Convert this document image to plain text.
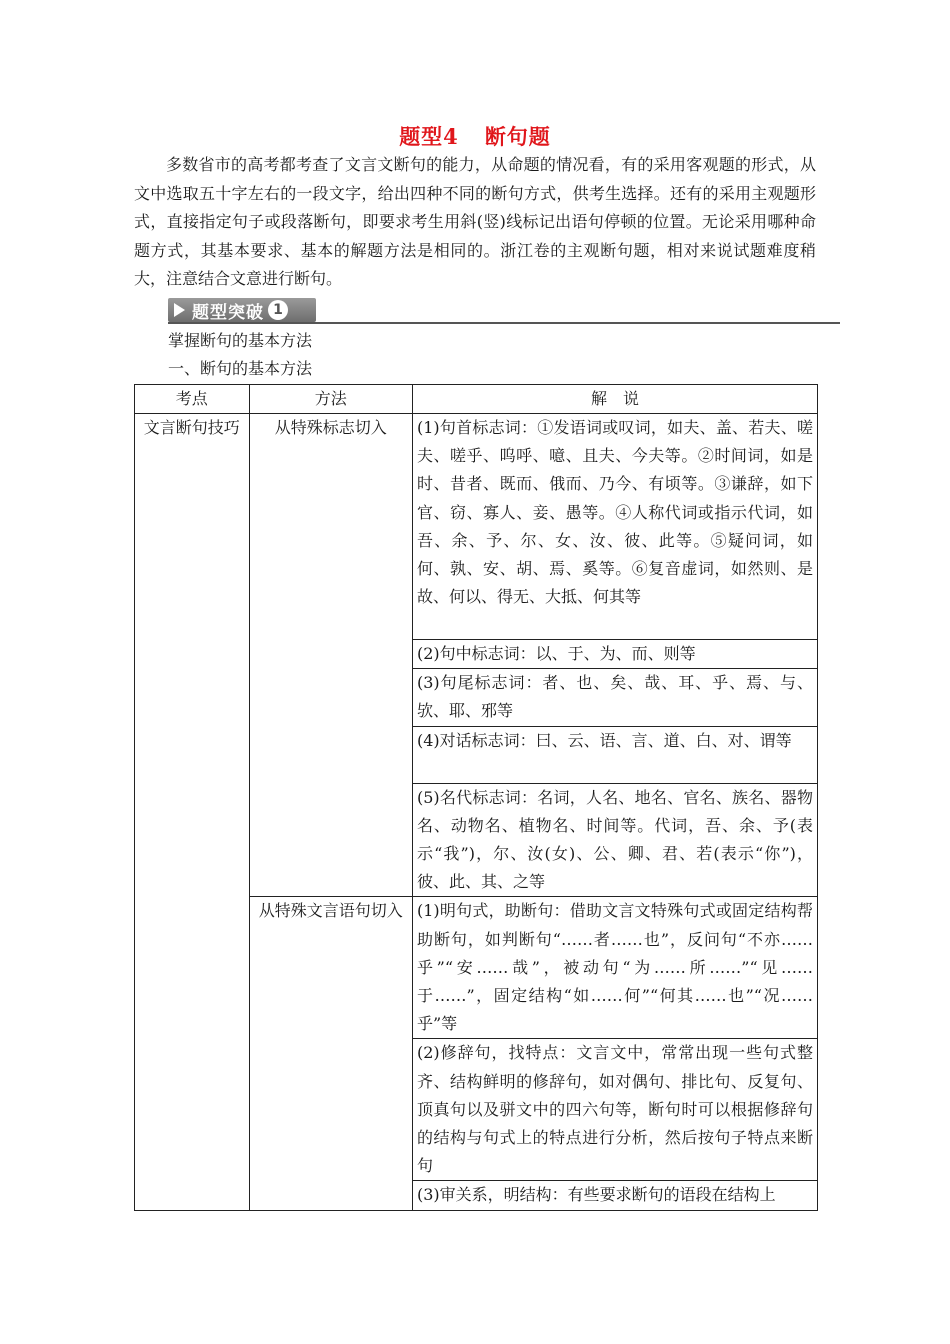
题型4 断句题
多数省市的高考都考查了文言文断句的能力，从命题的情况看，有的采用客观题的形式，从文中选取五十字左右的一段文字，给出四种不同的断句方式，供考生选择。还有的采用主观题形式，直接指定句子或段落断句，即要求考生用斜(竖)线标记出语句停顿的位置。无论采用哪种命题方式，其基本要求、基本的解题方法是相同的。浙江卷的主观断句题，相对来说试题难度稍大，注意结合文意进行断句。
题型突破 1
掌握断句的基本方法
一、断句的基本方法
考点	方法	解　说
文言断句技巧	从特殊标志切入	(1)句首标志词：①发语词或叹词，如夫、盖、若夫、嗟夫、嗟乎、呜呼、噫、且夫、今夫等。②时间词，如是时、昔者、既而、俄而、乃今、有顷等。③谦辞，如下官、窃、寡人、妾、愚等。④人称代词或指示代词，如吾、余、予、尔、女、汝、彼、此等。⑤疑问词，如何、孰、安、胡、焉、奚等。⑥复音虚词，如然则、是故、何以、得无、大抵、何其等
		(2)句中标志词：以、于、为、而、则等
		(3)句尾标志词：者、也、矣、哉、耳、乎、焉、与、欤、耶、邪等
		(4)对话标志词：曰、云、语、言、道、白、对、谓等
		(5)名代标志词：名词，人名、地名、官名、族名、器物名、动物名、植物名、时间等。代词，吾、余、予(表示“我”)，尔、汝(女)、公、卿、君、若(表示“你”)，彼、此、其、之等
	从特殊文言语句切入	(1)明句式，助断句：借助文言文特殊句式或固定结构帮助断句，如判断句“……者……也”，反问句“不亦……乎”“安……哉”，被动句“为……所……”“见……于……”，固定结构“如……何”“何其……也”“况……乎”等
		(2)修辞句，找特点：文言文中，常常出现一些句式整齐、结构鲜明的修辞句，如对偶句、排比句、反复句、顶真句以及骈文中的四六句等，断句时可以根据修辞句的结构与句式上的特点进行分析，然后按句子特点来断句
		(3)审关系，明结构：有些要求断句的语段在结构上
